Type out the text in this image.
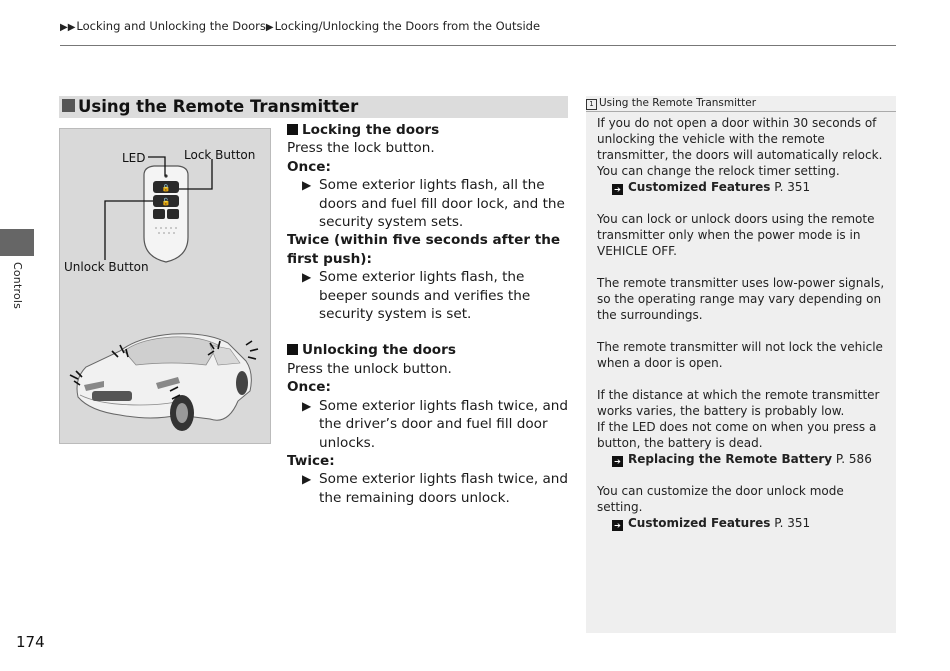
▶▶Locking and Unlocking the Doors▶Locking/Unlocking the Doors from the Outside
Controls
174
Using the Remote Transmitter
🔒
🔓
LED	Lock Button
Unlock Button

Locking the doors

Press the lock button.

Once:

▶ Some exterior lights flash, all the doors and fuel fill door lock, and the security system sets.

Twice (within five seconds after the first push):

▶ Some exterior lights flash, the beeper sounds and verifies the security system is set.

Unlocking the doors

Press the unlock button.

Once:

▶ Some exterior lights flash twice, and the driver’s door and fuel fill door unlocks.

Twice:

▶ Some exterior lights flash twice, and the remaining doors unlock.
1 Using the Remote Transmitter

If you do not open a door within 30 seconds of unlocking the vehicle with the remote transmitter, the doors will automatically relock.

You can change the relock timer setting.

➔ Customized Features P. 351

You can lock or unlock doors using the remote transmitter only when the power mode is in VEHICLE OFF.

The remote transmitter uses low-power signals, so the operating range may vary depending on the surroundings.

The remote transmitter will not lock the vehicle when a door is open.

If the distance at which the remote transmitter works varies, the battery is probably low.

If the LED does not come on when you press a button, the battery is dead.

➔ Replacing the Remote Battery P. 586

You can customize the door unlock mode setting.

➔ Customized Features P. 351
